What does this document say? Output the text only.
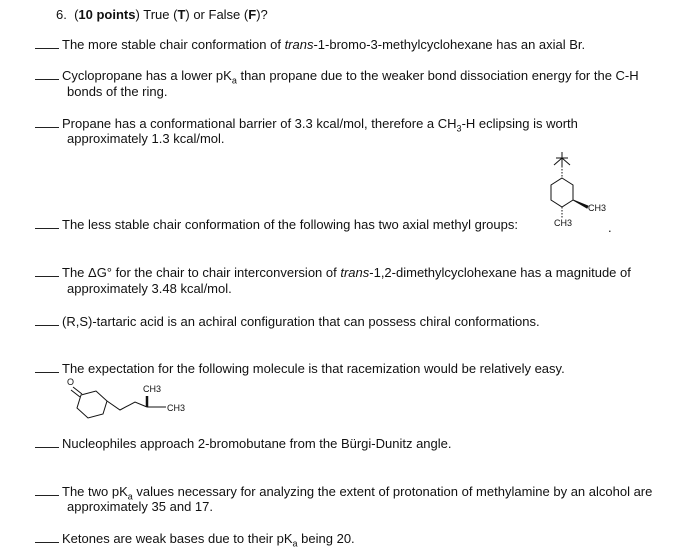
6. (10 points) True (T) or False (F)?
The more stable chair conformation of trans-1-bromo-3-methylcyclohexane has an axial Br.
Cyclopropane has a lower $pK_a$ than propane due to the weaker bond dissociation energy for the C-H
bonds of the ring.
Propane has a conformational barrier of 3.3 kcal/mol, therefore a $CH_3-H$ eclipsing is worth
approximately 1.3 kcal/mol.
CH3
CH3
The less stable chair conformation of the following has two axial methyl groups:	.
The ΔG° for the chair to chair interconversion of trans-1,2-dimethylcyclohexane has a magnitude of
approximately 3.48 kcal/mol.
(R,S)-tartaric acid is an achiral configuration that can possess chiral conformations.
The expectation for the following molecule is that racemization would be relatively easy.
O
CH3
CH3
Nucleophiles approach 2-bromobutane from the Bürgi-Dunitz angle.
The two $pK_a$ values necessary for analyzing the extent of protonation of methylamine by an alcohol are
approximately 35 and 17.
Ketones are weak bases due to their $pK_a$ being 20.
